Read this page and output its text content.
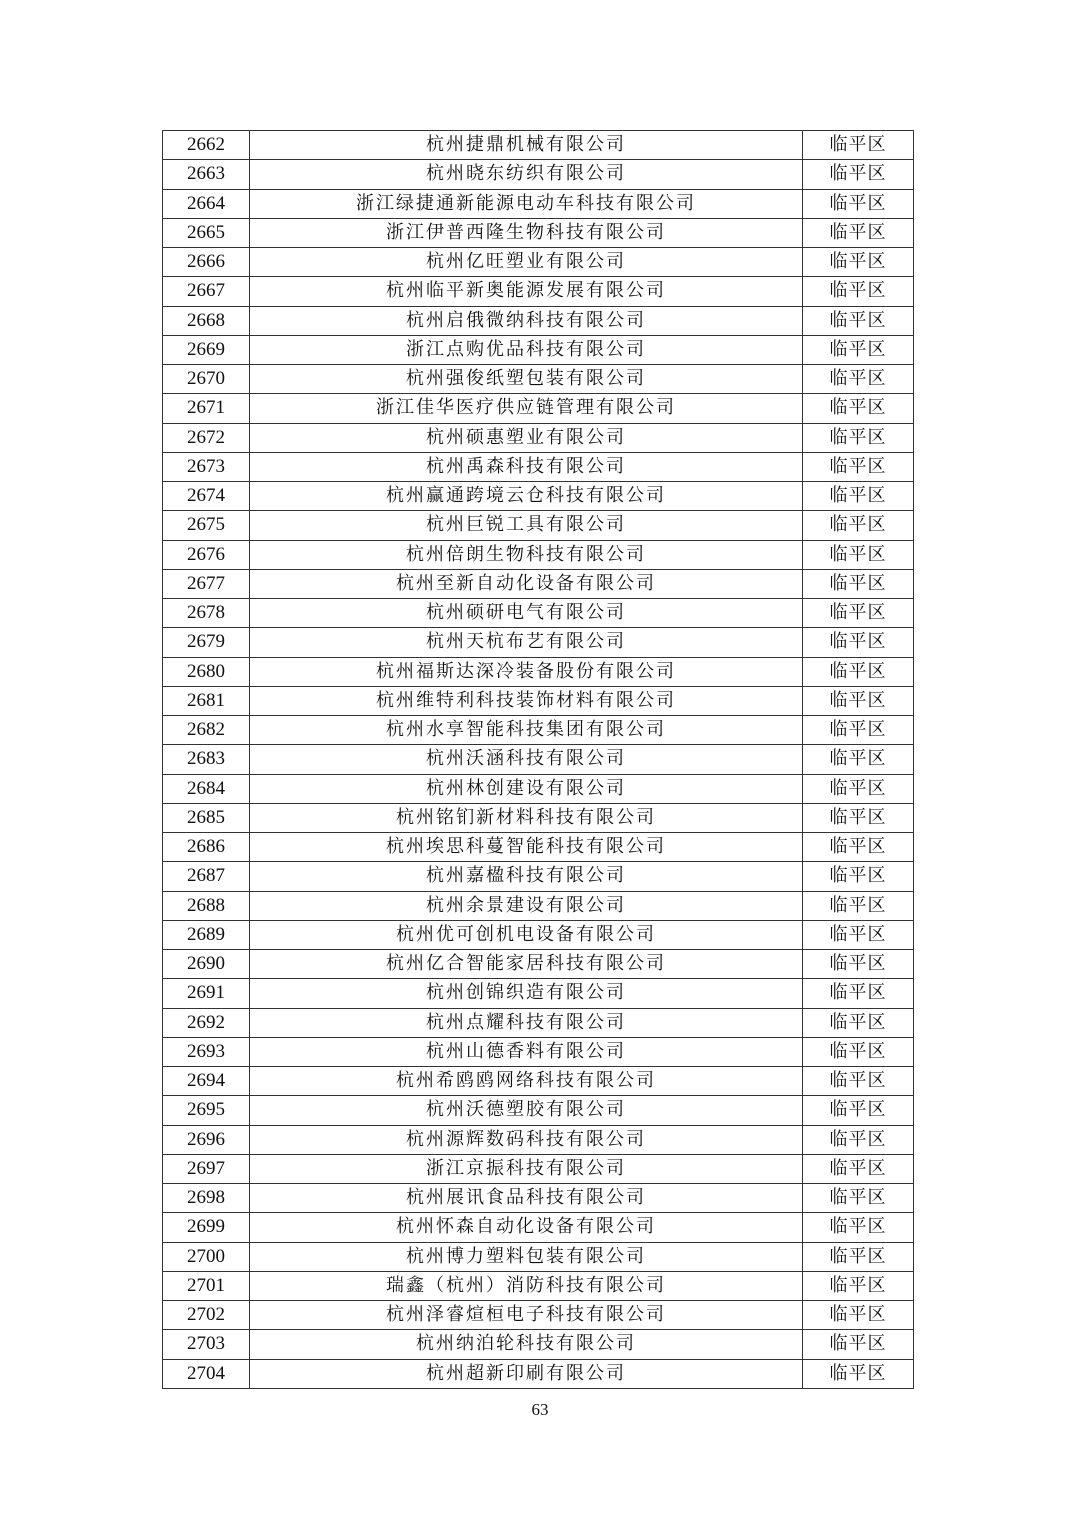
2662	杭州捷鼎机械有限公司	临平区
2663	杭州晓东纺织有限公司	临平区
2664	浙江绿捷通新能源电动车科技有限公司	临平区
2665	浙江伊普西隆生物科技有限公司	临平区
2666	杭州亿旺塑业有限公司	临平区
2667	杭州临平新奥能源发展有限公司	临平区
2668	杭州启俄微纳科技有限公司	临平区
2669	浙江点购优品科技有限公司	临平区
2670	杭州强俊纸塑包装有限公司	临平区
2671	浙江佳华医疗供应链管理有限公司	临平区
2672	杭州硕惠塑业有限公司	临平区
2673	杭州禹森科技有限公司	临平区
2674	杭州赢通跨境云仓科技有限公司	临平区
2675	杭州巨锐工具有限公司	临平区
2676	杭州倍朗生物科技有限公司	临平区
2677	杭州至新自动化设备有限公司	临平区
2678	杭州硕研电气有限公司	临平区
2679	杭州天杭布艺有限公司	临平区
2680	杭州福斯达深冷装备股份有限公司	临平区
2681	杭州维特利科技装饰材料有限公司	临平区
2682	杭州水享智能科技集团有限公司	临平区
2683	杭州沃涵科技有限公司	临平区
2684	杭州林创建设有限公司	临平区
2685	杭州铭钔新材料科技有限公司	临平区
2686	杭州埃思科蔓智能科技有限公司	临平区
2687	杭州嘉楹科技有限公司	临平区
2688	杭州余景建设有限公司	临平区
2689	杭州优可创机电设备有限公司	临平区
2690	杭州亿合智能家居科技有限公司	临平区
2691	杭州创锦织造有限公司	临平区
2692	杭州点耀科技有限公司	临平区
2693	杭州山德香料有限公司	临平区
2694	杭州希鸥鸥网络科技有限公司	临平区
2695	杭州沃德塑胶有限公司	临平区
2696	杭州源辉数码科技有限公司	临平区
2697	浙江京振科技有限公司	临平区
2698	杭州展讯食品科技有限公司	临平区
2699	杭州怀森自动化设备有限公司	临平区
2700	杭州博力塑料包装有限公司	临平区
2701	瑞鑫（杭州）消防科技有限公司	临平区
2702	杭州泽睿煊桓电子科技有限公司	临平区
2703	杭州纳泊轮科技有限公司	临平区
2704	杭州超新印刷有限公司	临平区
63
